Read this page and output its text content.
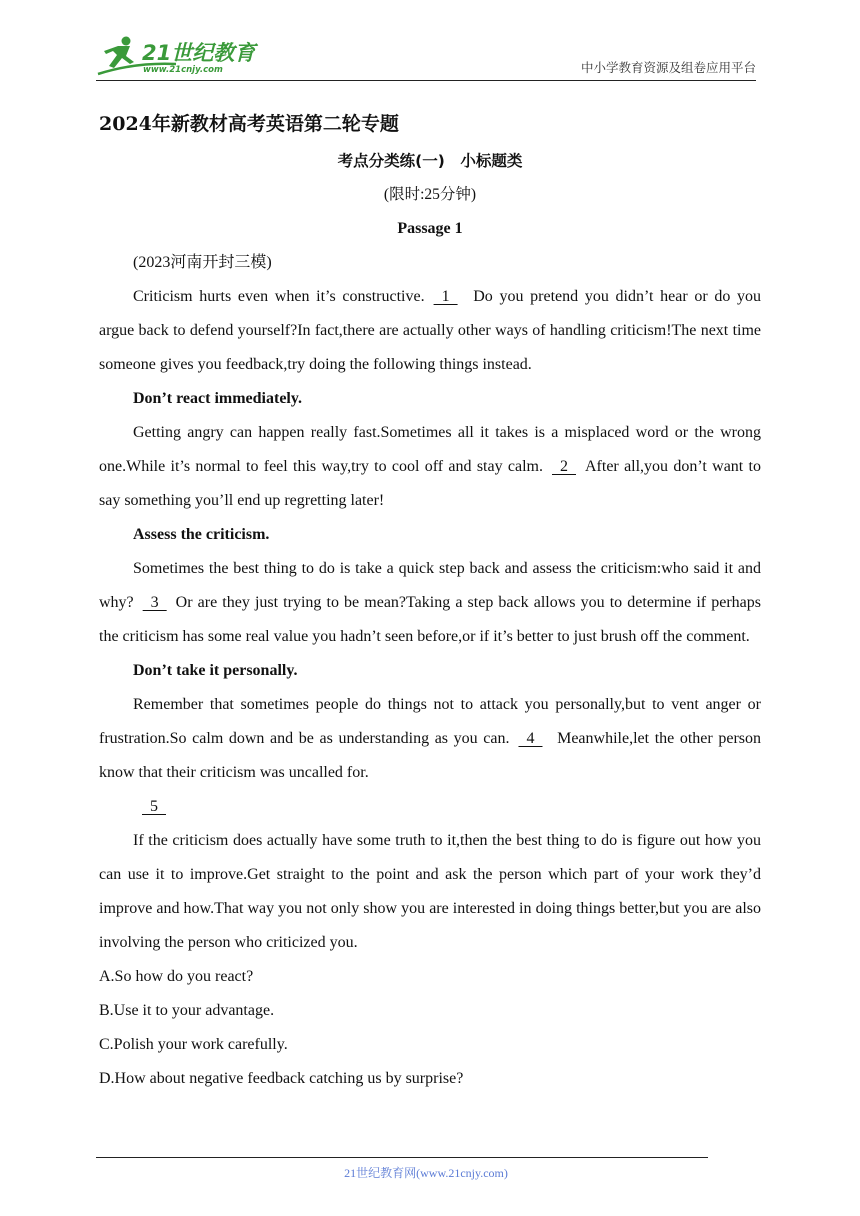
21世纪教育
www.21cnjy.com	中小学教育资源及组卷应用平台
2024年新教材高考英语第二轮专题
考点分类练(一)　小标题类
(限时:25分钟)
Passage 1

(2023河南开封三模)

Criticism hurts even when it’s constructive.  1   Do you pretend you didn’t hear or do you argue back to defend yourself?In fact,there are actually other ways of handling criticism!The next time someone gives you feedback,try doing the following things instead.

Don’t react immediately.

Getting angry can happen really fast.Sometimes all it takes is a misplaced word or the wrong one.While it’s normal to feel this way,try to cool off and stay calm.  2  After all,you don’t want to say something you’ll end up regretting later!

Assess the criticism.

Sometimes the best thing to do is take a quick step back and assess the criticism:who said it and why?  3  Or are they just trying to be mean?Taking a step back allows you to determine if perhaps the criticism has some real value you hadn’t seen before,or if it’s better to just brush off the comment.

Don’t take it personally.

Remember that sometimes people do things not to attack you personally,but to vent anger or frustration.So calm down and be as understanding as you can.  4   Meanwhile,let the other person know that their criticism was uncalled for.

5

If the criticism does actually have some truth to it,then the best thing to do is figure out how you can use it to improve.Get straight to the point and ask the person which part of your work they’d improve and how.That way you not only show you are interested in doing things better,but you are also involving the person who criticized you.

A.So how do you react?

B.Use it to your advantage.

C.Polish your work carefully.

D.How about negative feedback catching us by surprise?

21世纪教育网(www.21cnjy.com)
